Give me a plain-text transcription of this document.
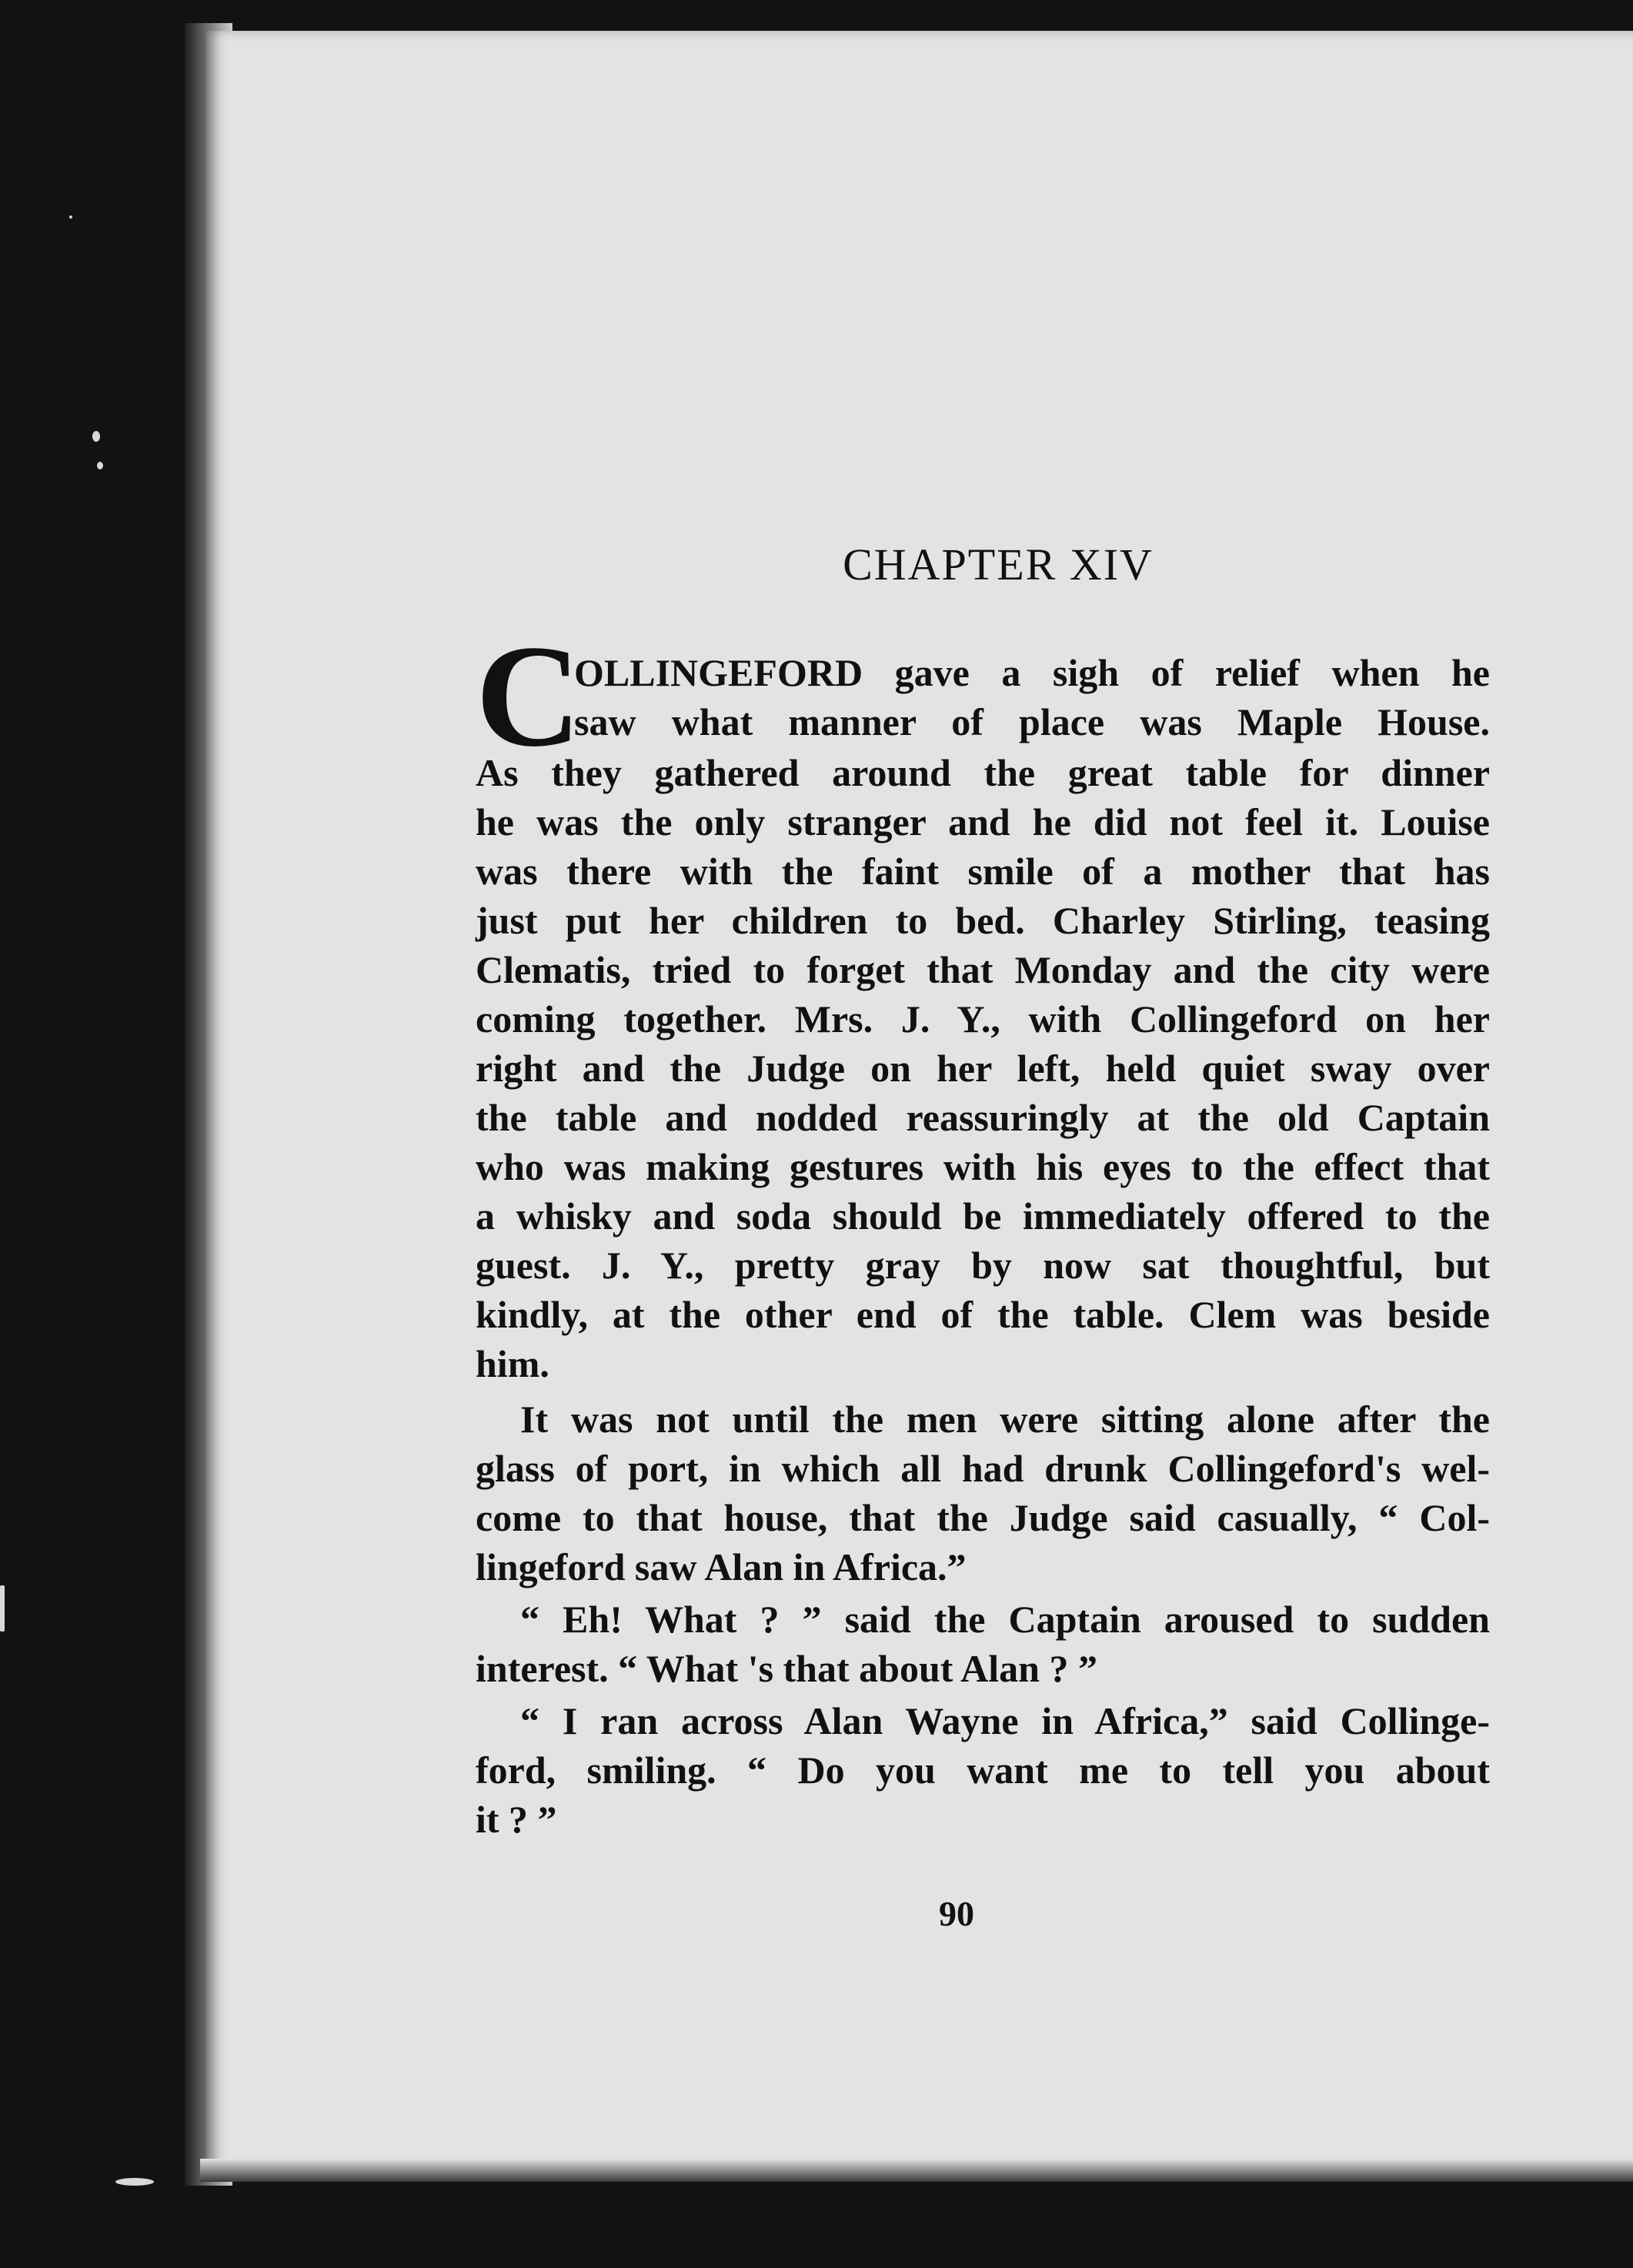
CHAPTER XIV
C
OLLINGEFORD gave a sigh of relief when he
saw what manner of place was Maple House.
As they gathered around the great table for dinner
he was the only stranger and he did not feel it. Louise
was there with the faint smile of a mother that has
just put her children to bed. Charley Stirling, teasing
Clematis, tried to forget that Monday and the city were
coming together. Mrs. J. Y., with Collingeford on her
right and the Judge on her left, held quiet sway over
the table and nodded reassuringly at the old Captain
who was making gestures with his eyes to the effect that
a whisky and soda should be immediately offered to the
guest. J. Y., pretty gray by now sat thoughtful, but
kindly, at the other end of the table. Clem was beside
him.
It was not until the men were sitting alone after the
glass of port, in which all had drunk Collingeford's wel-
come to that house, that the Judge said casually, “ Col-
lingeford saw Alan in Africa.”
“ Eh! What ? ” said the Captain aroused to sudden
interest. “ What 's that about Alan ? ”
“ I ran across Alan Wayne in Africa,” said Collinge-
ford, smiling. “ Do you want me to tell you about
it ? ”
90
